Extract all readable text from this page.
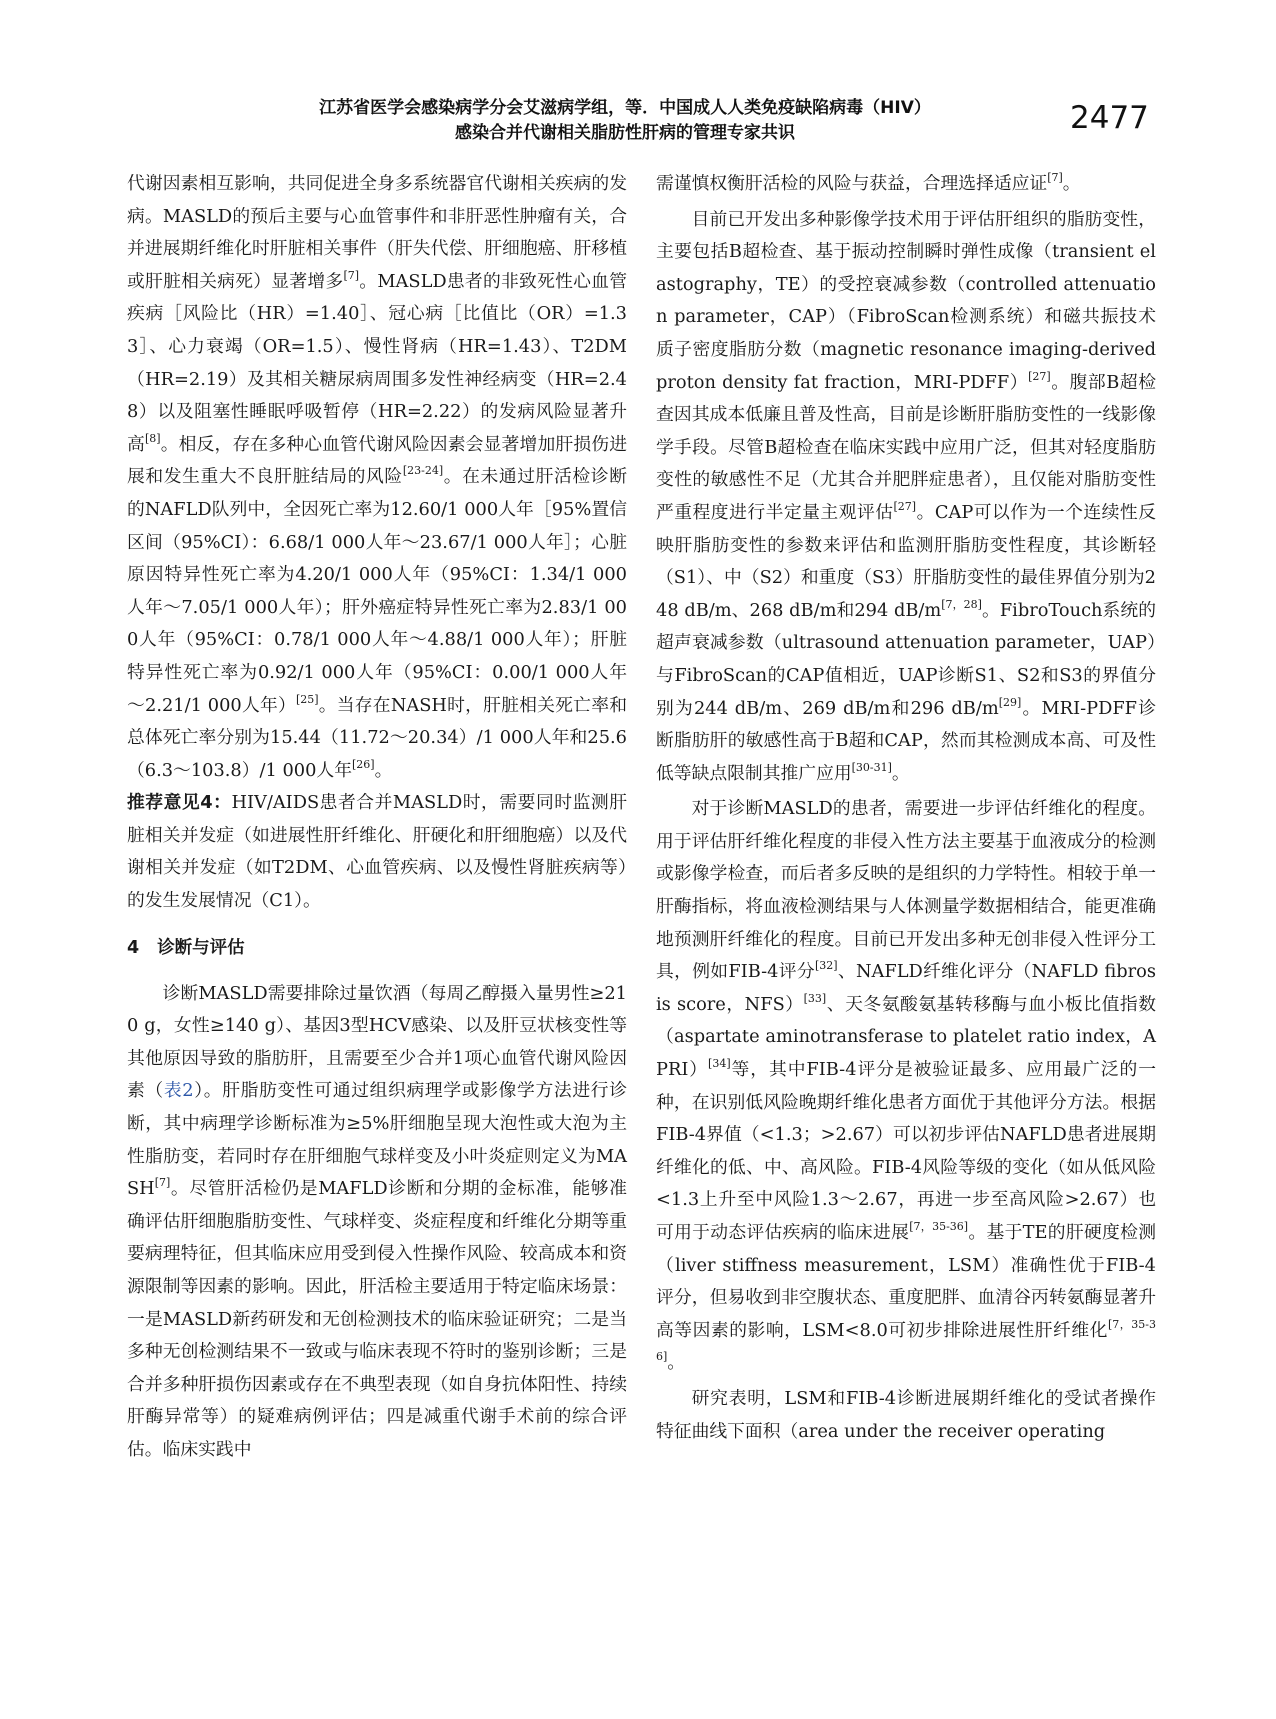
江苏省医学会感染病学分会艾滋病学组，等．中国成人人类免疫缺陷病毒（HIV）
感染合并代谢相关脂肪性肝病的管理专家共识	2477

代谢因素相互影响，共同促进全身多系统器官代谢相关疾病的发病。MASLD的预后主要与心血管事件和非肝恶性肿瘤有关，合并进展期纤维化时肝脏相关事件（肝失代偿、肝细胞癌、肝移植或肝脏相关病死）显著增多[7]。MASLD患者的非致死性心血管疾病［风险比（HR）=1.40］、冠心病［比值比（OR）=1.33］、心力衰竭（OR=1.5）、慢性肾病（HR=1.43）、T2DM（HR=2.19）及其相关糖尿病周围多发性神经病变（HR=2.48）以及阻塞性睡眠呼吸暂停（HR=2.22）的发病风险显著升高[8]。相反，存在多种心血管代谢风险因素会显著增加肝损伤进展和发生重大不良肝脏结局的风险[23-24]。在未通过肝活检诊断的NAFLD队列中，全因死亡率为12.60/1 000人年［95%置信区间（95%CI）：6.68/1 000人年～23.67/1 000人年］；心脏原因特异性死亡率为4.20/1 000人年（95%CI：1.34/1 000人年～7.05/1 000人年）；肝外癌症特异性死亡率为2.83/1 000人年（95%CI：0.78/1 000人年～4.88/1 000人年）；肝脏特异性死亡率为0.92/1 000人年（95%CI：0.00/1 000人年～2.21/1 000人年）[25]。当存在NASH时，肝脏相关死亡率和总体死亡率分别为15.44（11.72～20.34）/1 000人年和25.6（6.3～103.8）/1 000人年[26]。

推荐意见4：HIV/AIDS患者合并MASLD时，需要同时监测肝脏相关并发症（如进展性肝纤维化、肝硬化和肝细胞癌）以及代谢相关并发症（如T2DM、心血管疾病、以及慢性肾脏疾病等）的发生发展情况（C1）。

4 诊断与评估

诊断MASLD需要排除过量饮酒（每周乙醇摄入量男性≥210 g，女性≥140 g）、基因3型HCV感染、以及肝豆状核变性等其他原因导致的脂肪肝，且需要至少合并1项心血管代谢风险因素（表2）。肝脂肪变性可通过组织病理学或影像学方法进行诊断，其中病理学诊断标准为≥5%肝细胞呈现大泡性或大泡为主性脂肪变，若同时存在肝细胞气球样变及小叶炎症则定义为MASH[7]。尽管肝活检仍是MAFLD诊断和分期的金标准，能够准确评估肝细胞脂肪变性、气球样变、炎症程度和纤维化分期等重要病理特征，但其临床应用受到侵入性操作风险、较高成本和资源限制等因素的影响。因此，肝活检主要适用于特定临床场景：一是MASLD新药研发和无创检测技术的临床验证研究；二是当多种无创检测结果不一致或与临床表现不符时的鉴别诊断；三是合并多种肝损伤因素或存在不典型表现（如自身抗体阳性、持续肝酶异常等）的疑难病例评估；四是减重代谢手术前的综合评估。临床实践中

需谨慎权衡肝活检的风险与获益，合理选择适应证[7]。

目前已开发出多种影像学技术用于评估肝组织的脂肪变性，主要包括B超检查、基于振动控制瞬时弹性成像（transient elastography，TE）的受控衰减参数（controlled attenuation parameter，CAP）（FibroScan检测系统）和磁共振技术质子密度脂肪分数（magnetic resonance imaging-derived proton density fat fraction，MRI-PDFF）[27]。腹部B超检查因其成本低廉且普及性高，目前是诊断肝脂肪变性的一线影像学手段。尽管B超检查在临床实践中应用广泛，但其对轻度脂肪变性的敏感性不足（尤其合并肥胖症患者），且仅能对脂肪变性严重程度进行半定量主观评估[27]。CAP可以作为一个连续性反映肝脂肪变性的参数来评估和监测肝脂肪变性程度，其诊断轻（S1）、中（S2）和重度（S3）肝脂肪变性的最佳界值分别为248 dB/m、268 dB/m和294 dB/m[7，28]。FibroTouch系统的超声衰减参数（ultrasound attenuation parameter，UAP）与FibroScan的CAP值相近，UAP诊断S1、S2和S3的界值分别为244 dB/m、269 dB/m和296 dB/m[29]。MRI-PDFF诊断脂肪肝的敏感性高于B超和CAP，然而其检测成本高、可及性低等缺点限制其推广应用[30-31]。

对于诊断MASLD的患者，需要进一步评估纤维化的程度。用于评估肝纤维化程度的非侵入性方法主要基于血液成分的检测或影像学检查，而后者多反映的是组织的力学特性。相较于单一肝酶指标，将血液检测结果与人体测量学数据相结合，能更准确地预测肝纤维化的程度。目前已开发出多种无创非侵入性评分工具，例如FIB-4评分[32]、NAFLD纤维化评分（NAFLD fibrosis score，NFS）[33]、天冬氨酸氨基转移酶与血小板比值指数（aspartate aminotransferase to platelet ratio index，APRI）[34]等，其中FIB-4评分是被验证最多、应用最广泛的一种，在识别低风险晚期纤维化患者方面优于其他评分方法。根据FIB-4界值（<1.3；>2.67）可以初步评估NAFLD患者进展期纤维化的低、中、高风险。FIB-4风险等级的变化（如从低风险<1.3上升至中风险1.3～2.67，再进一步至高风险>2.67）也可用于动态评估疾病的临床进展[7，35-36]。基于TE的肝硬度检测（liver stiffness measurement，LSM）准确性优于FIB-4评分，但易收到非空腹状态、重度肥胖、血清谷丙转氨酶显著升高等因素的影响，LSM<8.0可初步排除进展性肝纤维化[7，35-36]。

研究表明，LSM和FIB-4诊断进展期纤维化的受试者操作特征曲线下面积（area under the receiver operating
